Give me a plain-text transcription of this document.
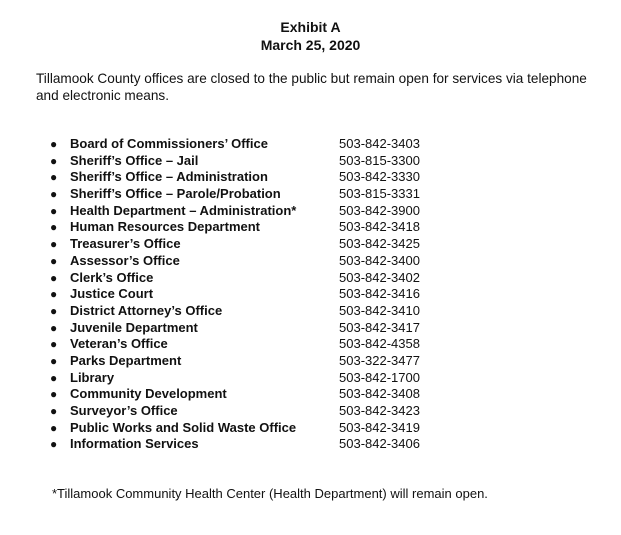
Exhibit A
March 25, 2020

Tillamook County offices are closed to the public but remain open for services via telephone and electronic means.

● Board of Commissioners’ Office	503-842-3403
● Sheriff’s Office – Jail	503-815-3300
● Sheriff’s Office – Administration	503-842-3330
● Sheriff’s Office – Parole/Probation	503-815-3331
● Health Department – Administration*	503-842-3900
● Human Resources Department	503-842-3418
● Treasurer’s Office	503-842-3425
● Assessor’s Office	503-842-3400
● Clerk’s Office	503-842-3402
● Justice Court	503-842-3416
● District Attorney’s Office	503-842-3410
● Juvenile Department	503-842-3417
● Veteran’s Office	503-842-4358
● Parks Department	503-322-3477
● Library	503-842-1700
● Community Development	503-842-3408
● Surveyor’s Office	503-842-3423
● Public Works and Solid Waste Office	503-842-3419
● Information Services	503-842-3406

*Tillamook Community Health Center (Health Department) will remain open.
